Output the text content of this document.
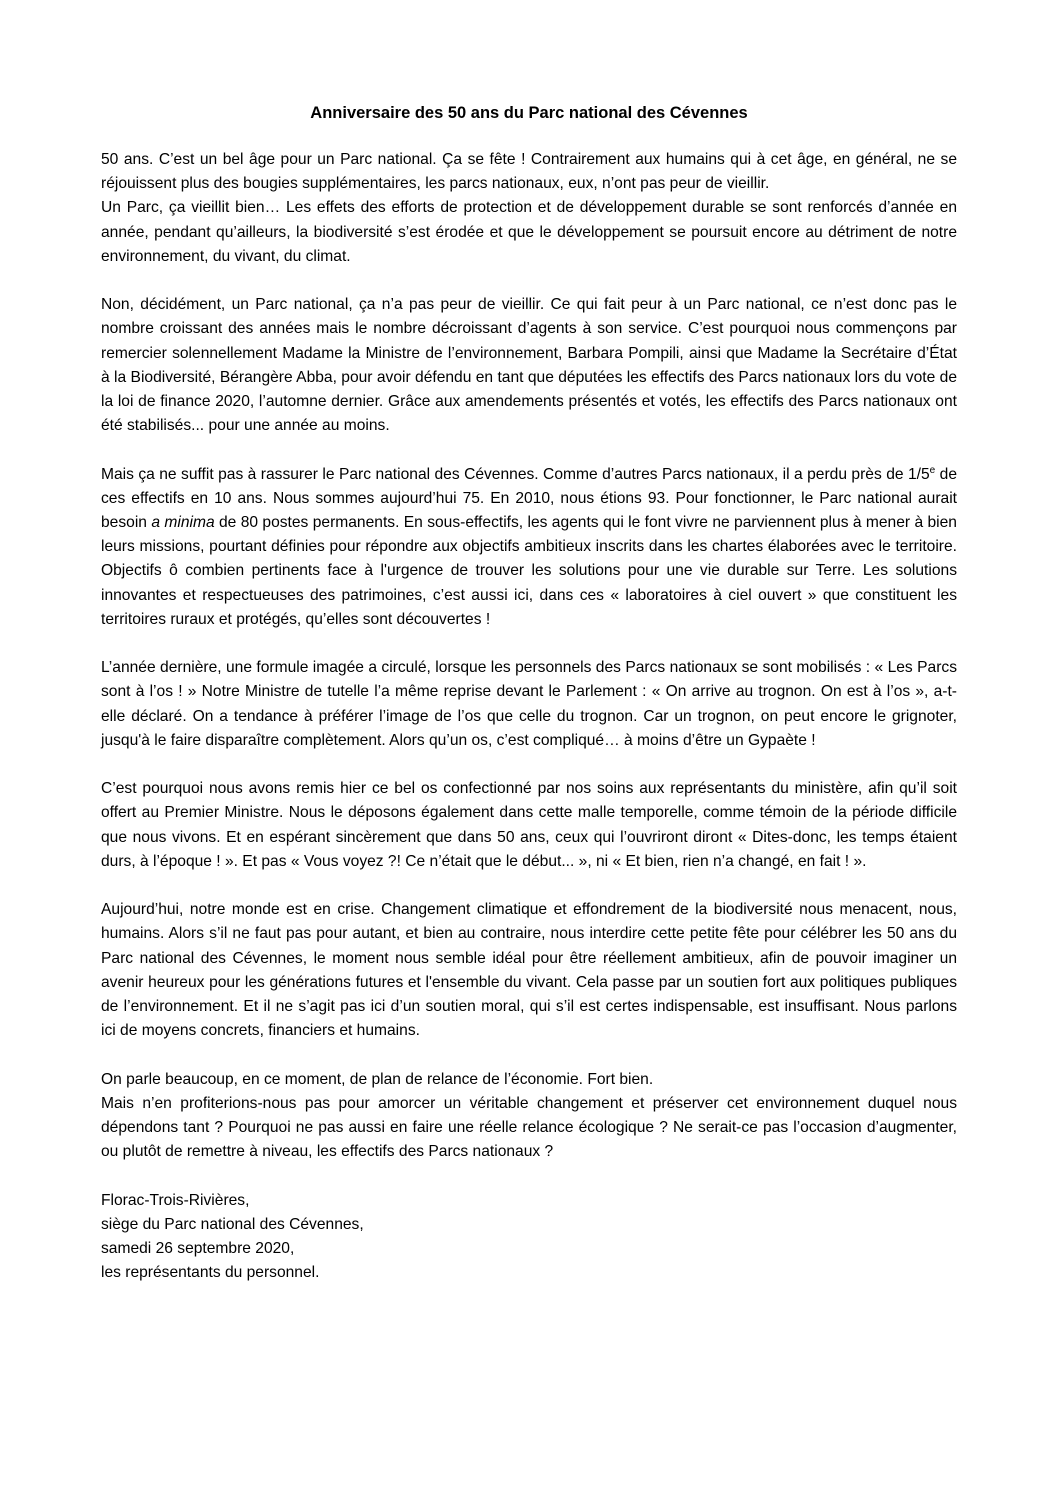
Anniversaire des 50 ans du Parc national des Cévennes

50 ans. C’est un bel âge pour un Parc national. Ça se fête ! Contrairement aux humains qui à cet âge, en général, ne se réjouissent plus des bougies supplémentaires, les parcs nationaux, eux, n’ont pas peur de vieillir.

Un Parc, ça vieillit bien… Les effets des efforts de protection et de développement durable se sont renforcés d’année en année, pendant qu’ailleurs, la biodiversité s’est érodée et que le développement se poursuit encore au détriment de notre environnement, du vivant, du climat.

Non, décidément, un Parc national, ça n’a pas peur de vieillir. Ce qui fait peur à un Parc national, ce n’est donc pas le nombre croissant des années mais le nombre décroissant d’agents à son service. C’est pourquoi nous commençons par remercier solennellement Madame la Ministre de l’environnement, Barbara Pompili, ainsi que Madame la Secrétaire d’État à la Biodiversité, Bérangère Abba, pour avoir défendu en tant que députées les effectifs des Parcs nationaux lors du vote de la loi de finance 2020, l’automne dernier. Grâce aux amendements présentés et votés, les effectifs des Parcs nationaux ont été stabilisés... pour une année au moins.

Mais ça ne suffit pas à rassurer le Parc national des Cévennes. Comme d’autres Parcs nationaux, il a perdu près de 1/5e de ces effectifs en 10 ans. Nous sommes aujourd’hui 75. En 2010, nous étions 93. Pour fonctionner, le Parc national aurait besoin a minima de 80 postes permanents. En sous-effectifs, les agents qui le font vivre ne parviennent plus à mener à bien leurs missions, pourtant définies pour répondre aux objectifs ambitieux inscrits dans les chartes élaborées avec le territoire. Objectifs ô combien pertinents face à l'urgence de trouver les solutions pour une vie durable sur Terre. Les solutions innovantes et respectueuses des patrimoines, c’est aussi ici, dans ces « laboratoires à ciel ouvert » que constituent les territoires ruraux et protégés, qu’elles sont découvertes !

L’année dernière, une formule imagée a circulé, lorsque les personnels des Parcs nationaux se sont mobilisés : « Les Parcs sont à l’os ! » Notre Ministre de tutelle l’a même reprise devant le Parlement : « On arrive au trognon. On est à l’os », a-t-elle déclaré. On a tendance à préférer l’image de l’os que celle du trognon. Car un trognon, on peut encore le grignoter, jusqu'à le faire disparaître complètement. Alors qu’un os, c’est compliqué… à moins d’être un Gypaète !

C’est pourquoi nous avons remis hier ce bel os confectionné par nos soins aux représentants du ministère, afin qu’il soit offert au Premier Ministre. Nous le déposons également dans cette malle temporelle, comme témoin de la période difficile que nous vivons. Et en espérant sincèrement que dans 50 ans, ceux qui l’ouvriront diront « Dites-donc, les temps étaient durs, à l’époque ! ». Et pas « Vous voyez ?! Ce n’était que le début... », ni « Et bien, rien n’a changé, en fait ! ».

Aujourd’hui, notre monde est en crise. Changement climatique et effondrement de la biodiversité nous menacent, nous, humains. Alors s’il ne faut pas pour autant, et bien au contraire, nous interdire cette petite fête pour célébrer les 50 ans du Parc national des Cévennes, le moment nous semble idéal pour être réellement ambitieux, afin de pouvoir imaginer un avenir heureux pour les générations futures et l'ensemble du vivant. Cela passe par un soutien fort aux politiques publiques de l’environnement. Et il ne s’agit pas ici d’un soutien moral, qui s’il est certes indispensable, est insuffisant. Nous parlons ici de moyens concrets, financiers et humains.

On parle beaucoup, en ce moment, de plan de relance de l’économie. Fort bien.

Mais n’en profiterions-nous pas pour amorcer un véritable changement et préserver cet environnement duquel nous dépendons tant ? Pourquoi ne pas aussi en faire une réelle relance écologique ? Ne serait-ce pas l’occasion d’augmenter, ou plutôt de remettre à niveau, les effectifs des Parcs nationaux ?

Florac-Trois-Rivières,

siège du Parc national des Cévennes,

samedi 26 septembre 2020,

les représentants du personnel.
